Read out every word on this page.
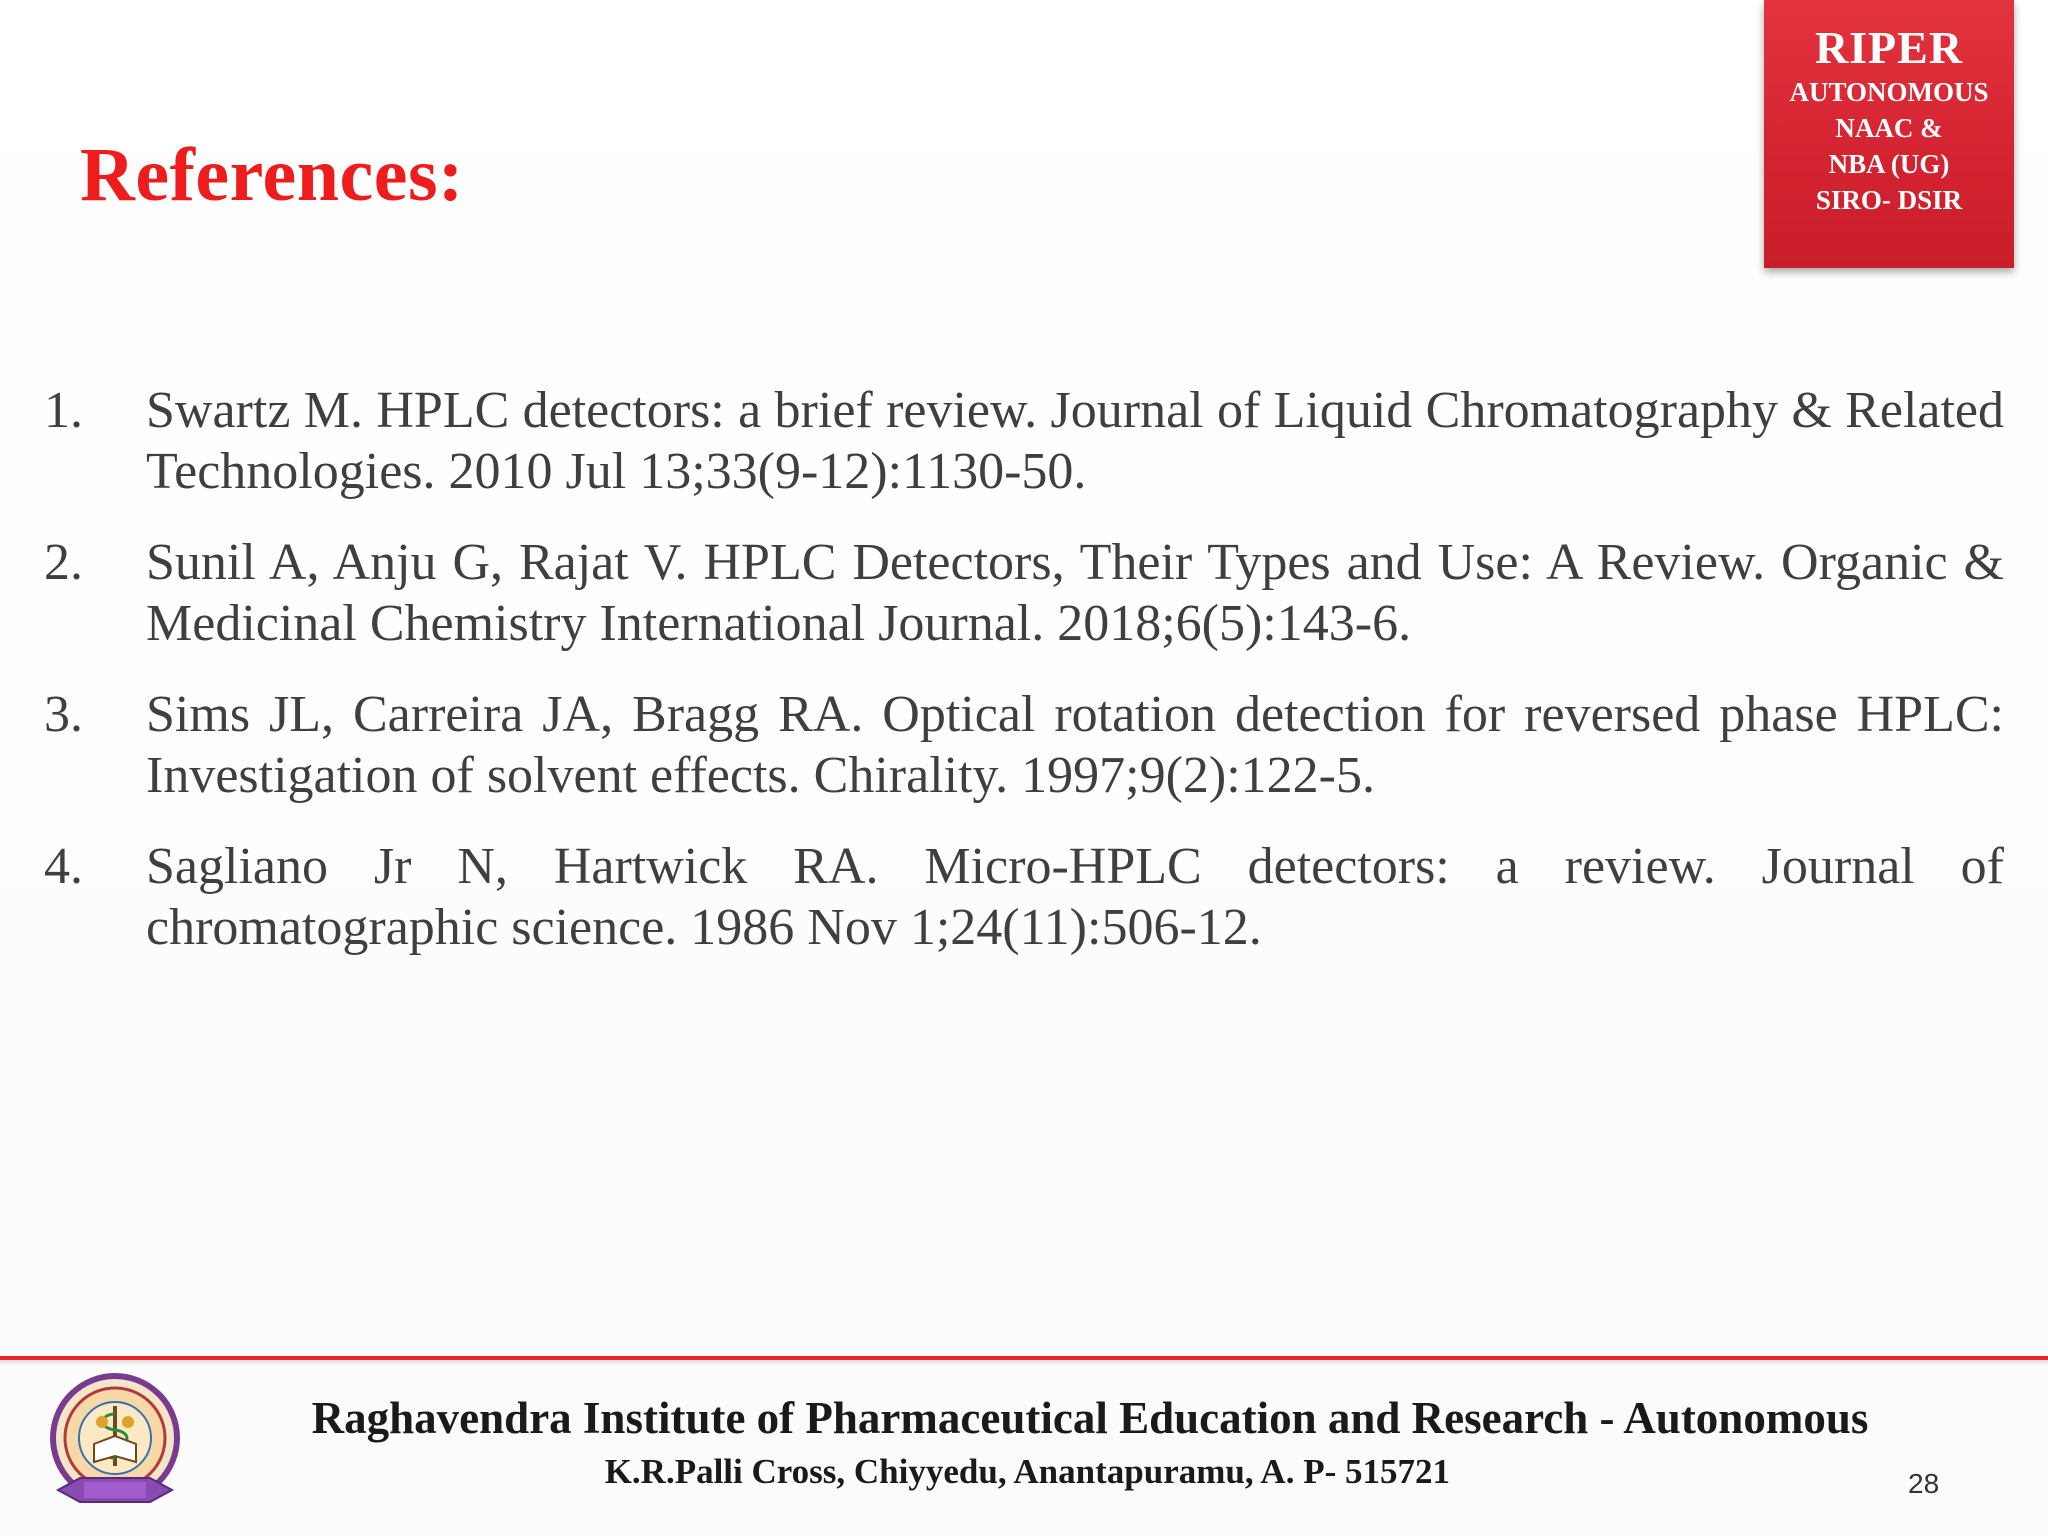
References:
RIPER
AUTONOMOUS
NAAC &
NBA (UG)
SIRO- DSIR
1. Swartz M. HPLC detectors: a brief review. Journal of Liquid Chromatography & Related Technologies. 2010 Jul 13;33(9-12):1130-50.
2. Sunil A, Anju G, Rajat V. HPLC Detectors, Their Types and Use: A Review. Organic & Medicinal Chemistry International Journal. 2018;6(5):143-6.
3. Sims JL, Carreira JA, Bragg RA. Optical rotation detection for reversed phase HPLC: Investigation of solvent effects. Chirality. 1997;9(2):122-5.
4. Sagliano Jr N, Hartwick RA. Micro-HPLC detectors: a review. Journal of chromatographic science. 1986 Nov 1;24(11):506-12.
Raghavendra Institute of Pharmaceutical Education and Research - Autonomous
K.R.Palli Cross, Chiyyedu, Anantapuramu, A. P- 515721	28
